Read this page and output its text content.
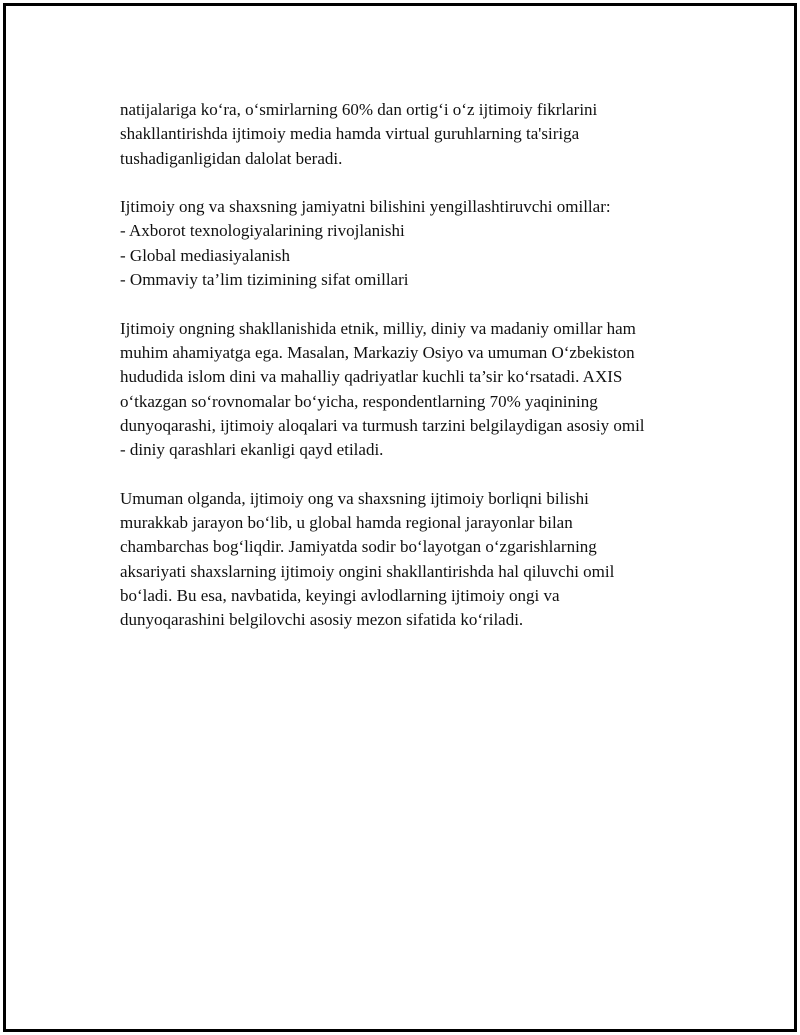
natijalariga ko‘ra, o‘smirlarning 60% dan ortig‘i o‘z ijtimoiy fikrlarini
shakllantirishda ijtimoiy media hamda virtual guruhlarning ta'siriga
tushadiganligidan dalolat beradi.

Ijtimoiy ong va shaxsning jamiyatni bilishini yengillashtiruvchi omillar:
- Axborot texnologiyalarining rivojlanishi
- Global mediasiyalanish
- Ommaviy ta’lim tizimining sifat omillari

Ijtimoiy ongning shakllanishida etnik, milliy, diniy va madaniy omillar ham
muhim ahamiyatga ega. Masalan, Markaziy Osiyo va umuman O‘zbekiston
hududida islom dini va mahalliy qadriyatlar kuchli ta’sir ko‘rsatadi. AXIS
o‘tkazgan so‘rovnomalar bo‘yicha, respondentlarning 70% yaqinining
dunyoqarashi, ijtimoiy aloqalari va turmush tarzini belgilaydigan asosiy omil
- diniy qarashlari ekanligi qayd etiladi.

Umuman olganda, ijtimoiy ong va shaxsning ijtimoiy borliqni bilishi
murakkab jarayon bo‘lib, u global hamda regional jarayonlar bilan
chambarchas bog‘liqdir. Jamiyatda sodir bo‘layotgan o‘zgarishlarning
aksariyati shaxslarning ijtimoiy ongini shakllantirishda hal qiluvchi omil
bo‘ladi. Bu esa, navbatida, keyingi avlodlarning ijtimoiy ongi va
dunyoqarashini belgilovchi asosiy mezon sifatida ko‘riladi.
